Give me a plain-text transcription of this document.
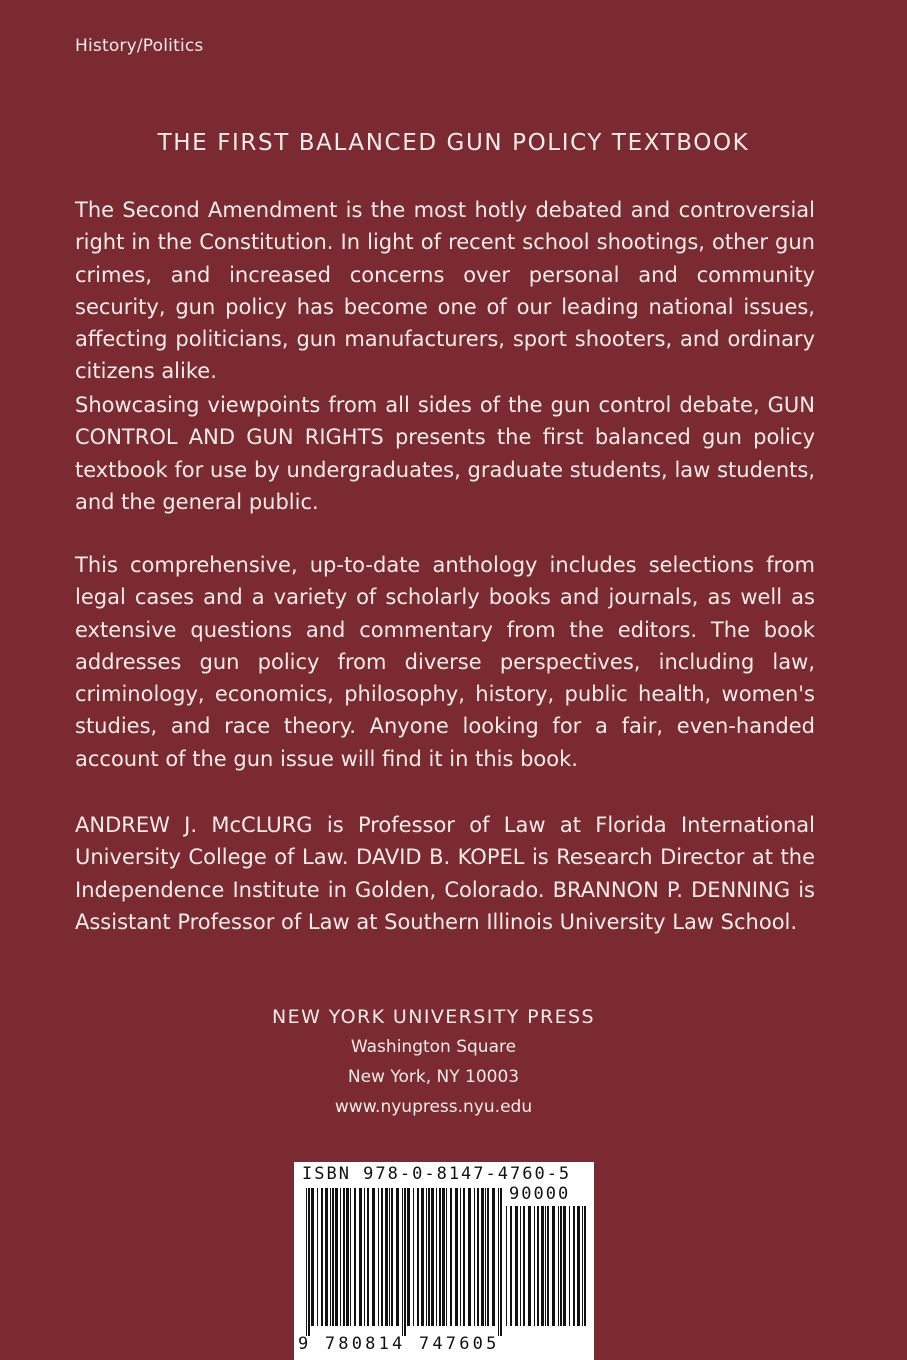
History/Politics
THE FIRST BALANCED GUN POLICY TEXTBOOK

The Second Amendment is the most hotly debated and controversial right in the Constitution. In light of recent school shootings, other gun crimes, and increased concerns over personal and community security, gun policy has become one of our leading national issues, affecting politicians, gun manufacturers, sport shooters, and ordinary citizens alike.

Showcasing viewpoints from all sides of the gun control debate, GUN CONTROL AND GUN RIGHTS presents the first balanced gun policy textbook for use by undergraduates, graduate students, law students, and the general public.

This comprehensive, up-to-date anthology includes selections from legal cases and a variety of scholarly books and journals, as well as extensive questions and commentary from the editors. The book addresses gun policy from diverse perspectives, including law, criminology, economics, philosophy, history, public health, women's studies, and race theory. Anyone looking for a fair, even-handed account of the gun issue will find it in this book.

ANDREW J. McCLURG is Professor of Law at Florida International University College of Law. DAVID B. KOPEL is Research Director at the Independence Institute in Golden, Colorado. BRANNON P. DENNING is Assistant Professor of Law at Southern Illinois University Law School.

NEW YORK UNIVERSITY PRESS
Washington Square
New York, NY 10003
www.nyupress.nyu.edu
ISBN 978-0-8147-4760-5
90000
9 780814 747605
